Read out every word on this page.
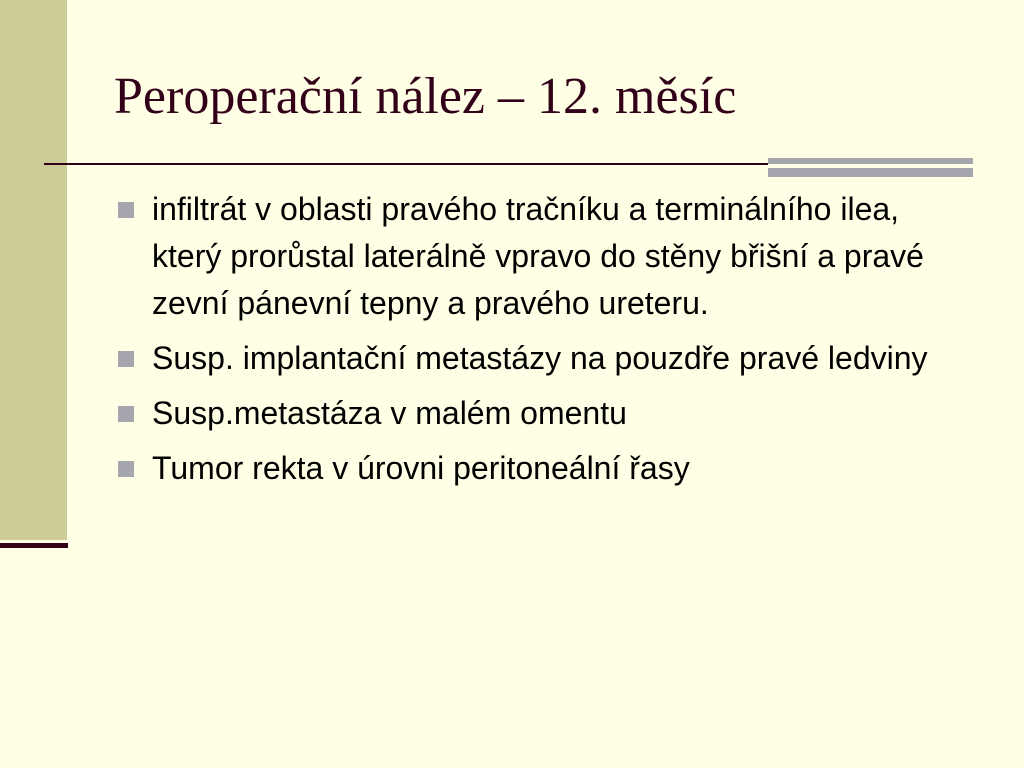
Peroperační nález – 12. měsíc
infiltrát v oblasti pravého tračníku a terminálního ilea, který prorůstal laterálně vpravo do stěny břišní a pravé zevní pánevní tepny a pravého ureteru.
Susp. implantační metastázy na pouzdře pravé ledviny
Susp.metastáza v malém omentu
Tumor rekta v úrovni peritoneální řasy
